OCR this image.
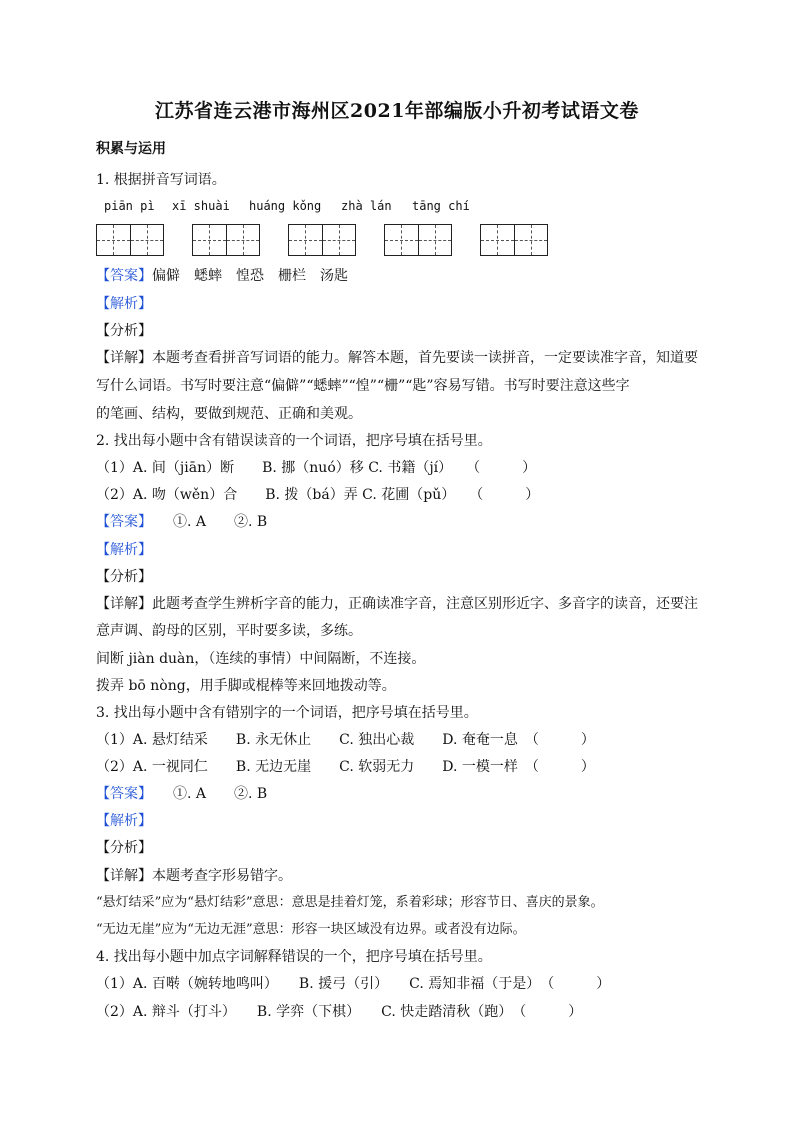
江苏省连云港市海州区2021年部编版小升初考试语文卷
积累与运用
1. 根据拼音写词语。
piān pì xī shuài huáng kǒng zhà lán tāng chí
【答案】偏僻　蟋蟀　惶恐　栅栏　汤匙
【解析】
【分析】
【详解】本题考查看拼音写词语的能力。解答本题，首先要读一读拼音，一定要读准字音，知道要
写什么词语。书写时要注意“偏僻”“蟋蟀”“惶”“栅”“匙”容易写错。书写时要注意这些字
的笔画、结构，要做到规范、正确和美观。
2. 找出每小题中含有错误读音的一个词语，把序号填在括号里。
（1）A. 间（jiān）断　　B. 挪（nuó）移 C. 书籍（jí）　　（　　　）
（2）A. 吻（wěn）合　　B. 拨（bá）弄 C. 花圃（pǔ）　　（　　　）
【答案】　　①. A　　②. B
【解析】
【分析】
【详解】此题考查学生辨析字音的能力，正确读准字音，注意区别形近字、多音字的读音，还要注
意声调、韵母的区别，平时要多读，多练。
间断 jiàn duàn，（连续的事情）中间隔断，不连接。
拨弄 bō nòng，用手脚或棍棒等来回地拨动等。
3. 找出每小题中含有错别字的一个词语，把序号填在括号里。
（1）A. 悬灯结采　　B. 永无休止　　C. 独出心裁　　D. 奄奄一息　（　　　）
（2）A. 一视同仁　　B. 无边无崖　　C. 软弱无力　　D. 一模一样　（　　　）
【答案】　　①. A　　②. B
【解析】
【分析】
【详解】本题考查字形易错字。
“悬灯结采”应为“悬灯结彩”意思：意思是挂着灯笼，系着彩球；形容节日、喜庆的景象。
“无边无崖”应为“无边无涯”意思：形容一块区域没有边界。或者没有边际。
4. 找出每小题中加点字词解释错误的一个，把序号填在括号里。
（1）A. 百啭（婉转地鸣叫）　　B. 援弓（引）　　C. 焉知非福（于是）　（　　　）
（2）A. 辩斗（打斗）　　B. 学弈（下棋）　　C. 快走踏清秋（跑）　（　　　）
